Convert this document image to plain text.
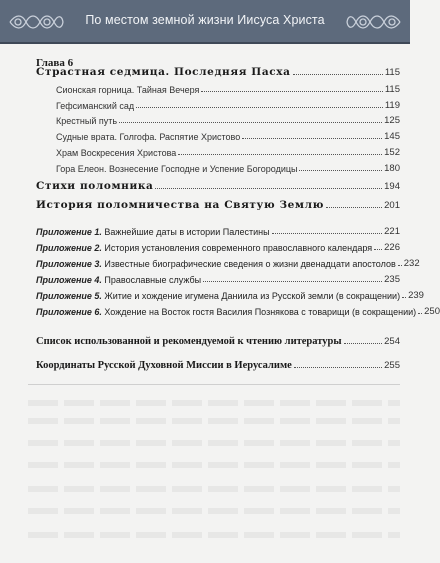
По местом земной жизни Иисуса Христа
Глава 6
Страстная седмица. Последняя Пасха	115
Сионская горница. Тайная Вечеря	115
Гефсиманский сад	119
Крестный путь	125
Судные врата. Голгофа. Распятие Христово	145
Храм Воскресения Христова	152
Гора Елеон. Вознесение Господне и Успение Богородицы	180
Стихи поломника	194
История поломничества на Святую Землю	201
Приложение 1. Важнейшие даты в истории Палестины	221
Приложение 2. История установления современного православного календаря 226
Приложение 3. Известные биографические сведения о жизни двенадцати апостолов 232
Приложение 4. Православные службы	235
Приложение 5. Житие и хождение игумена Даниила из Русской земли (в сокращении) 239
Приложение 6. Хождение на Восток гостя Василия Познякова с товарищи (в сокращении) 250
Список использованной и рекомендуемой к чтению литературы	254
Координаты Русской Духовной Миссии в Иерусалиме	255
